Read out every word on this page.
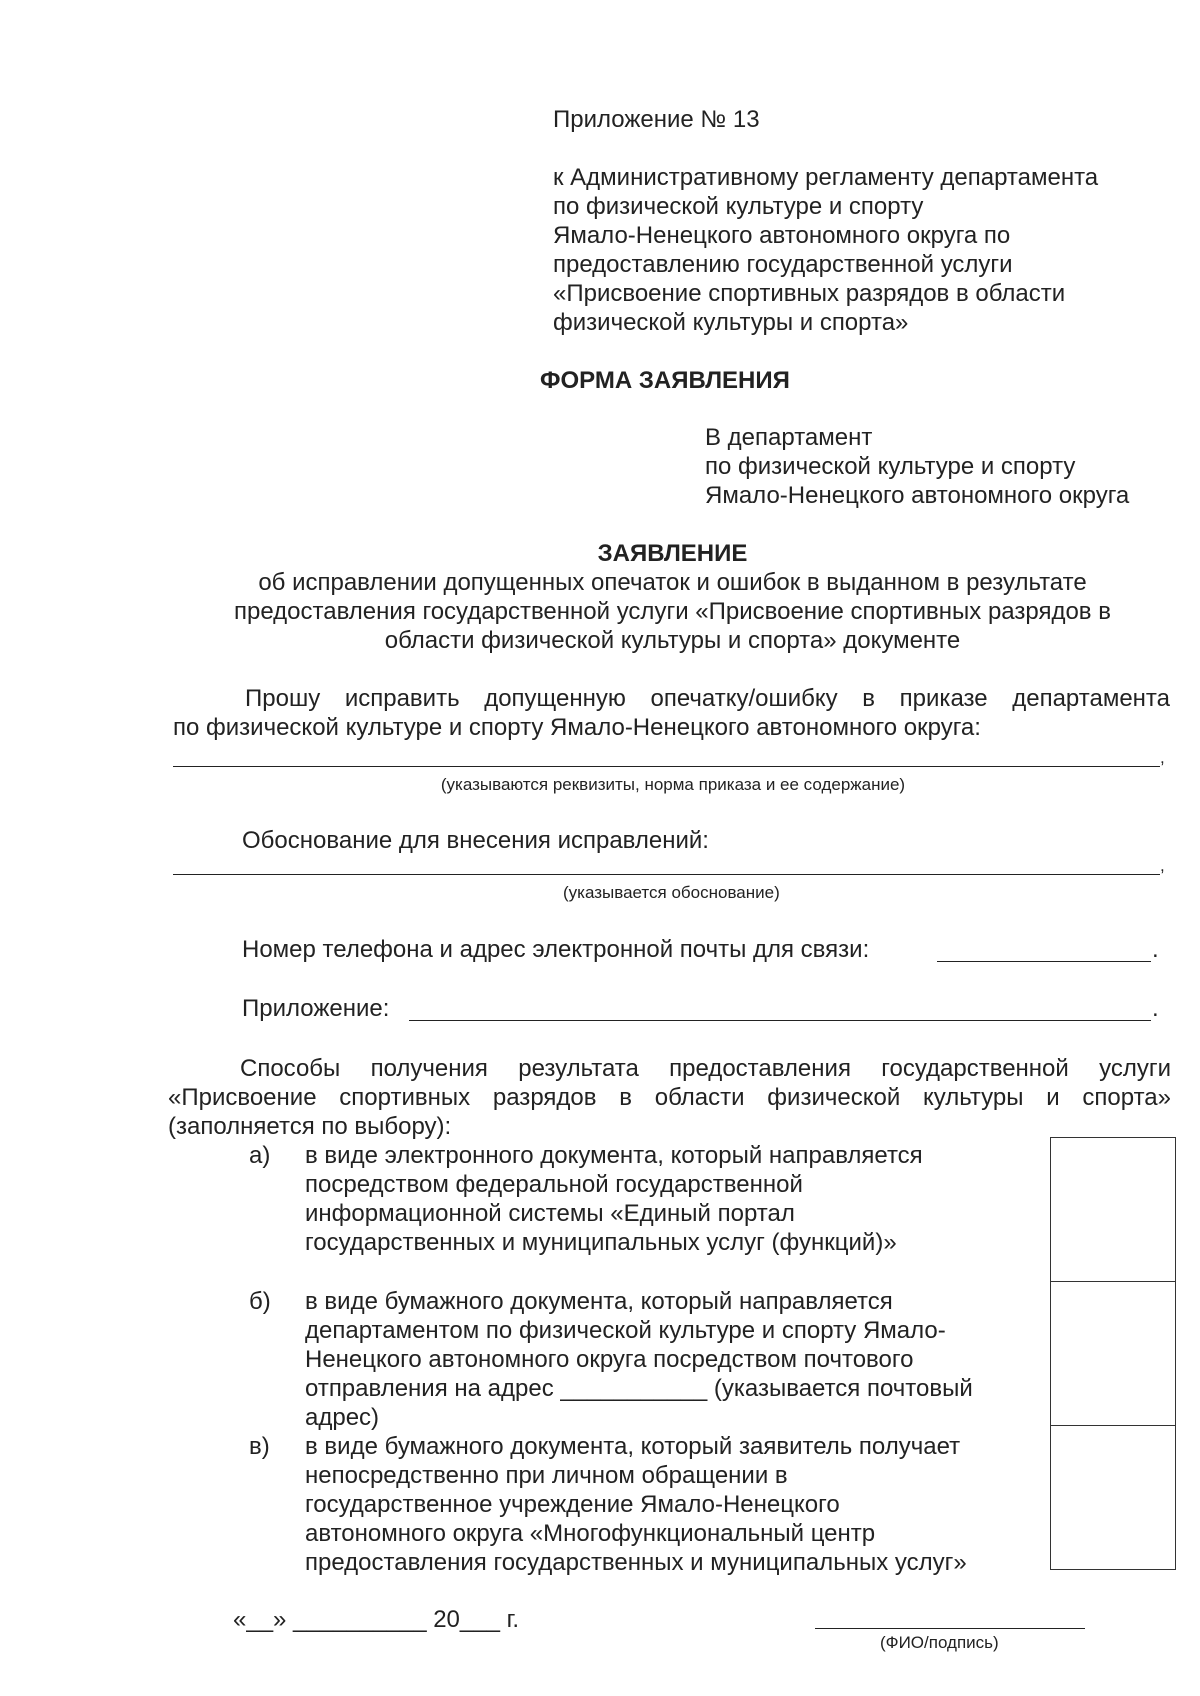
Приложение № 13
к Административному регламенту департамента
по физической культуре и спорту
Ямало-Ненецкого автономного округа по
предоставлению государственной услуги
«Присвоение спортивных разрядов в области
физической культуры и спорта»
ФОРМА ЗАЯВЛЕНИЯ
В департамент
по физической культуре и спорту
Ямало-Ненецкого автономного округа
ЗАЯВЛЕНИЕ
об исправлении допущенных опечаток и ошибок в выданном в результате
предоставления государственной услуги «Присвоение спортивных разрядов в
области физической культуры и спорта» документе
Прошу исправить допущенную опечатку/ошибку в приказе департамента
по физической культуре и спорту Ямало-Ненецкого автономного округа:
,
(указываются реквизиты, норма приказа и ее содержание)
Обоснование для внесения исправлений:
,
(указывается обоснование)
Номер телефона и адрес электронной почты для связи:	.
Приложение:	.
Способы получения результата предоставления государственной услуги
«Присвоение спортивных разрядов в области физической культуры и спорта»
(заполняется по выбору):
а) в виде электронного документа, который направляется
посредством федеральной государственной
информационной системы «Единый портал
государственных и муниципальных услуг (функций)»
б) в виде бумажного документа, который направляется
департаментом по физической культуре и спорту Ямало-
Ненецкого автономного округа посредством почтового
отправления на адрес ___________ (указывается почтовый
адрес)
в) в виде бумажного документа, который заявитель получает
непосредственно при личном обращении в
государственное учреждение Ямало-Ненецкого
автономного округа «Многофункциональный центр
предоставления государственных и муниципальных услуг»
«__» __________ 20___ г.
(ФИО/подпись)
